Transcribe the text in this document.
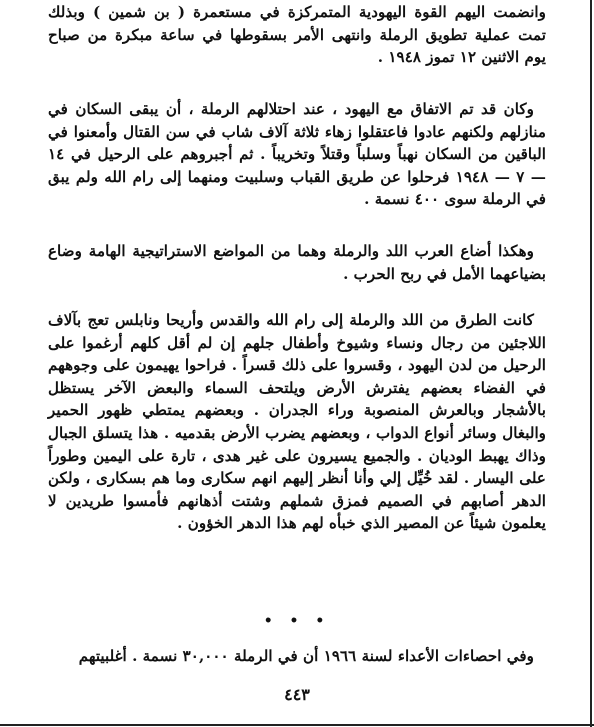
وانضمت اليهم القوة اليهودية المتمركزة في مستعمرة ( بن شمين ) وبذلك تمت عملية تطويق الرملة وانتهى الأمر بسقوطها في ساعة مبكرة من صباح يوم الاثنين ١٢ تموز ١٩٤٨ .

وكان قد تم الاتفاق مع اليهود ، عند احتلالهم الرملة ، أن يبقى السكان في منازلهم ولكنهم عادوا فاعتقلوا زهاء ثلاثة آلاف شاب في سن القتال وأمعنوا في الباقين من السكان نهباً وسلباً وقتلاً وتخريباً . ثم أجبروهم على الرحيل في ١٤ — ٧ — ١٩٤٨ فرحلوا عن طريق القباب وسلبيت ومنهما إلى رام الله ولم يبق في الرملة سوى ٤٠٠ نسمة .

وهكذا أضاع العرب اللد والرملة وهما من المواضع الاستراتيجية الهامة وضاع بضياعهما الأمل في ربح الحرب .

كانت الطرق من اللد والرملة إلى رام الله والقدس وأريحا ونابلس تعج بآلاف اللاجئين من رجال ونساء وشيوخ وأطفال جلهم إن لم أقل كلهم أرغموا على الرحيل من لدن اليهود ، وقسروا على ذلك قسراً . فراحوا يهيمون على وجوههم في الفضاء بعضهم يفترش الأرض ويلتحف السماء والبعض الآخر يستظل بالأشجار وبالعرش المنصوبة وراء الجدران . وبعضهم يمتطي ظهور الحمير والبغال وسائر أنواع الدواب ، وبعضهم يضرب الأرض بقدميه . هذا يتسلق الجبال وذاك يهبط الوديان . والجميع يسيرون على غير هدى ، تارة على اليمين وطوراً على اليسار . لقد خُيِّل إلي وأنا أنظر إليهم انهم سكارى وما هم بسكارى ، ولكن الدهر أصابهم في الصميم فمزق شملهم وشتت أذهانهم فأمسوا طريدين لا يعلمون شيئاً عن المصير الذي خبأه لهم هذا الدهر الخؤون .

• • •

وفي احصاءات الأعداء لسنة ١٩٦٦ أن في الرملة ٣٠,٠٠٠ نسمة . أغلبيتهم

٤٤٣
